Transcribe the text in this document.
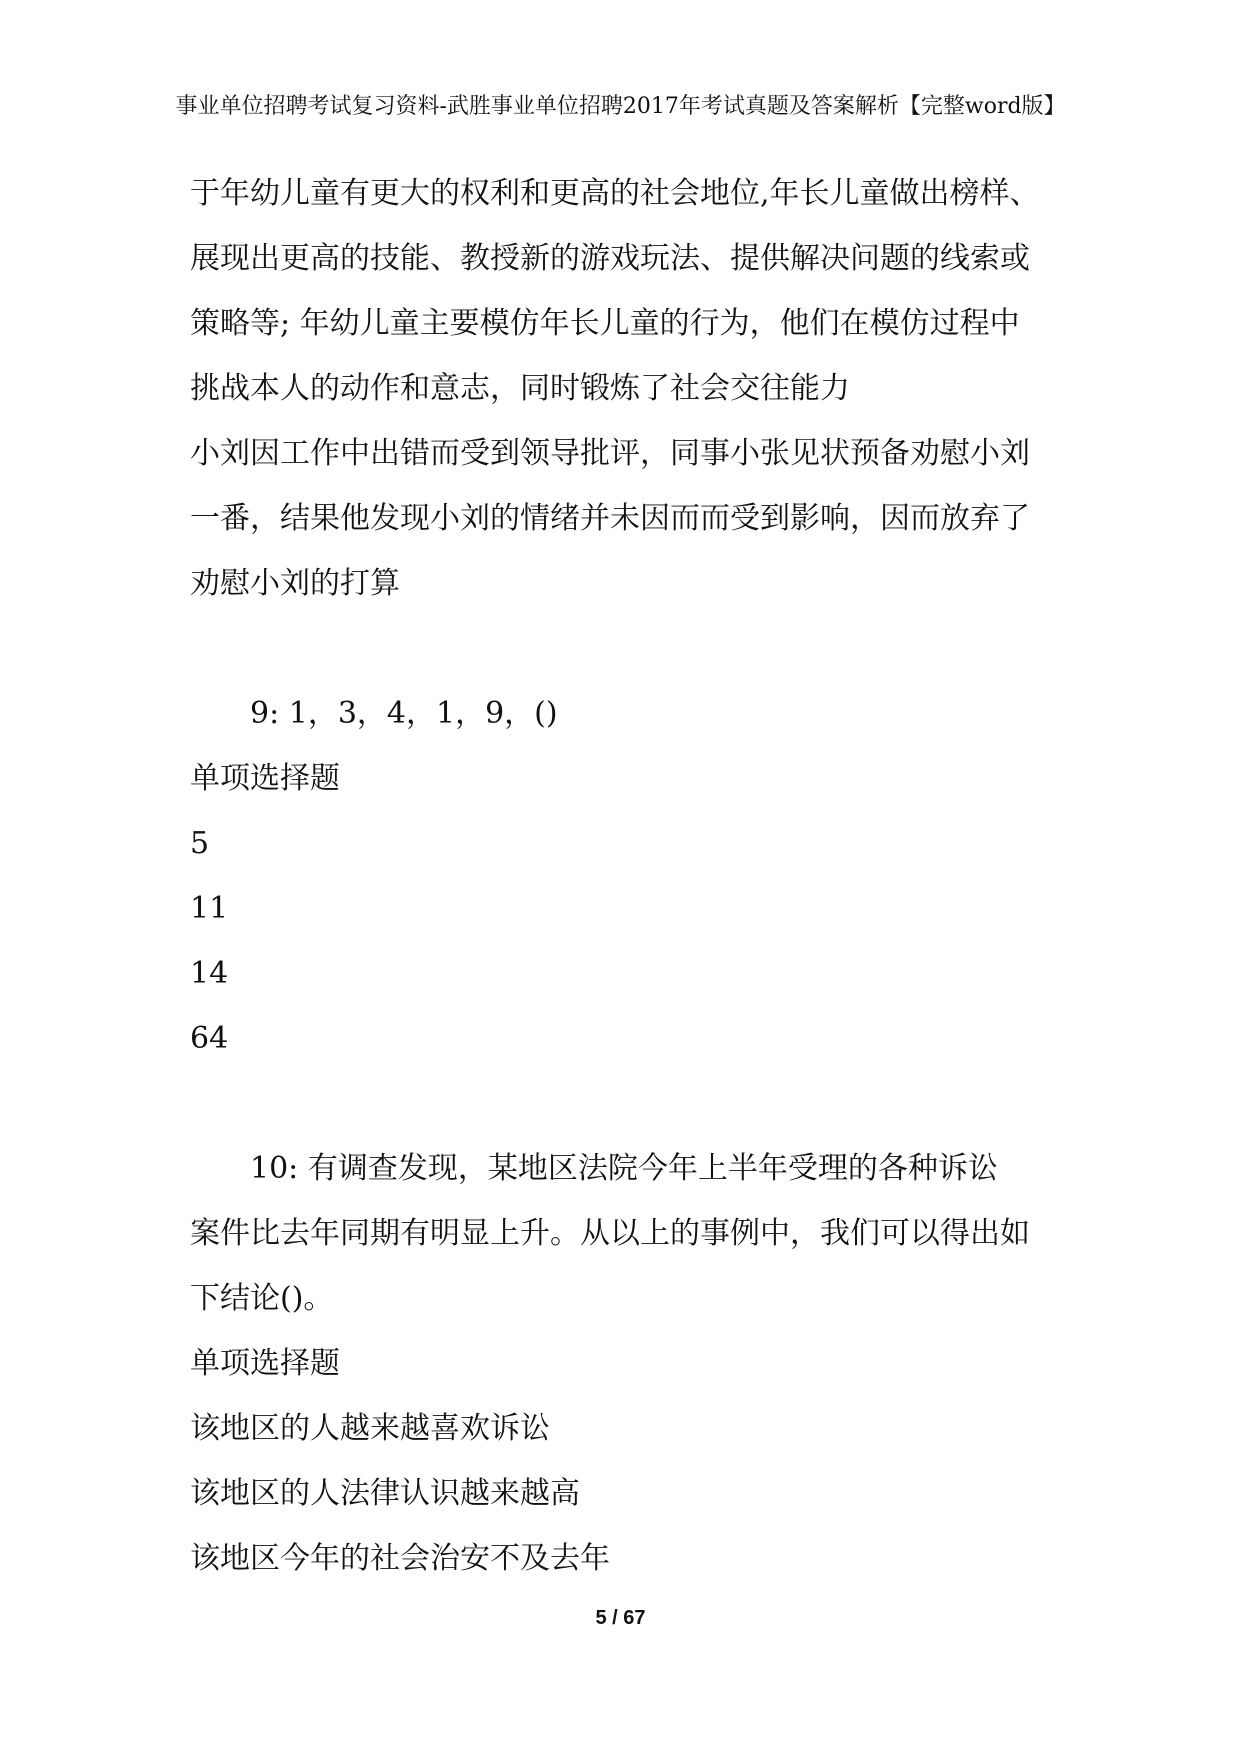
事业单位招聘考试复习资料-武胜事业单位招聘2017年考试真题及答案解析【完整word版】
于年幼儿童有更大的权利和更高的社会地位,年长儿童做出榜样、
展现出更高的技能、教授新的游戏玩法、提供解决问题的线索或
策略等; 年幼儿童主要模仿年长儿童的行为，他们在模仿过程中
挑战本人的动作和意志，同时锻炼了社会交往能力
小刘因工作中出错而受到领导批评，同事小张见状预备劝慰小刘
一番，结果他发现小刘的情绪并未因而而受到影响，因而放弃了
劝慰小刘的打算
9: 1，3，4，1，9，()
单项选择题
5
11
14
64
10: 有调查发现，某地区法院今年上半年受理的各种诉讼
案件比去年同期有明显上升。从以上的事例中，我们可以得出如
下结论()。
单项选择题
该地区的人越来越喜欢诉讼
该地区的人法律认识越来越高
该地区今年的社会治安不及去年
5 / 67
